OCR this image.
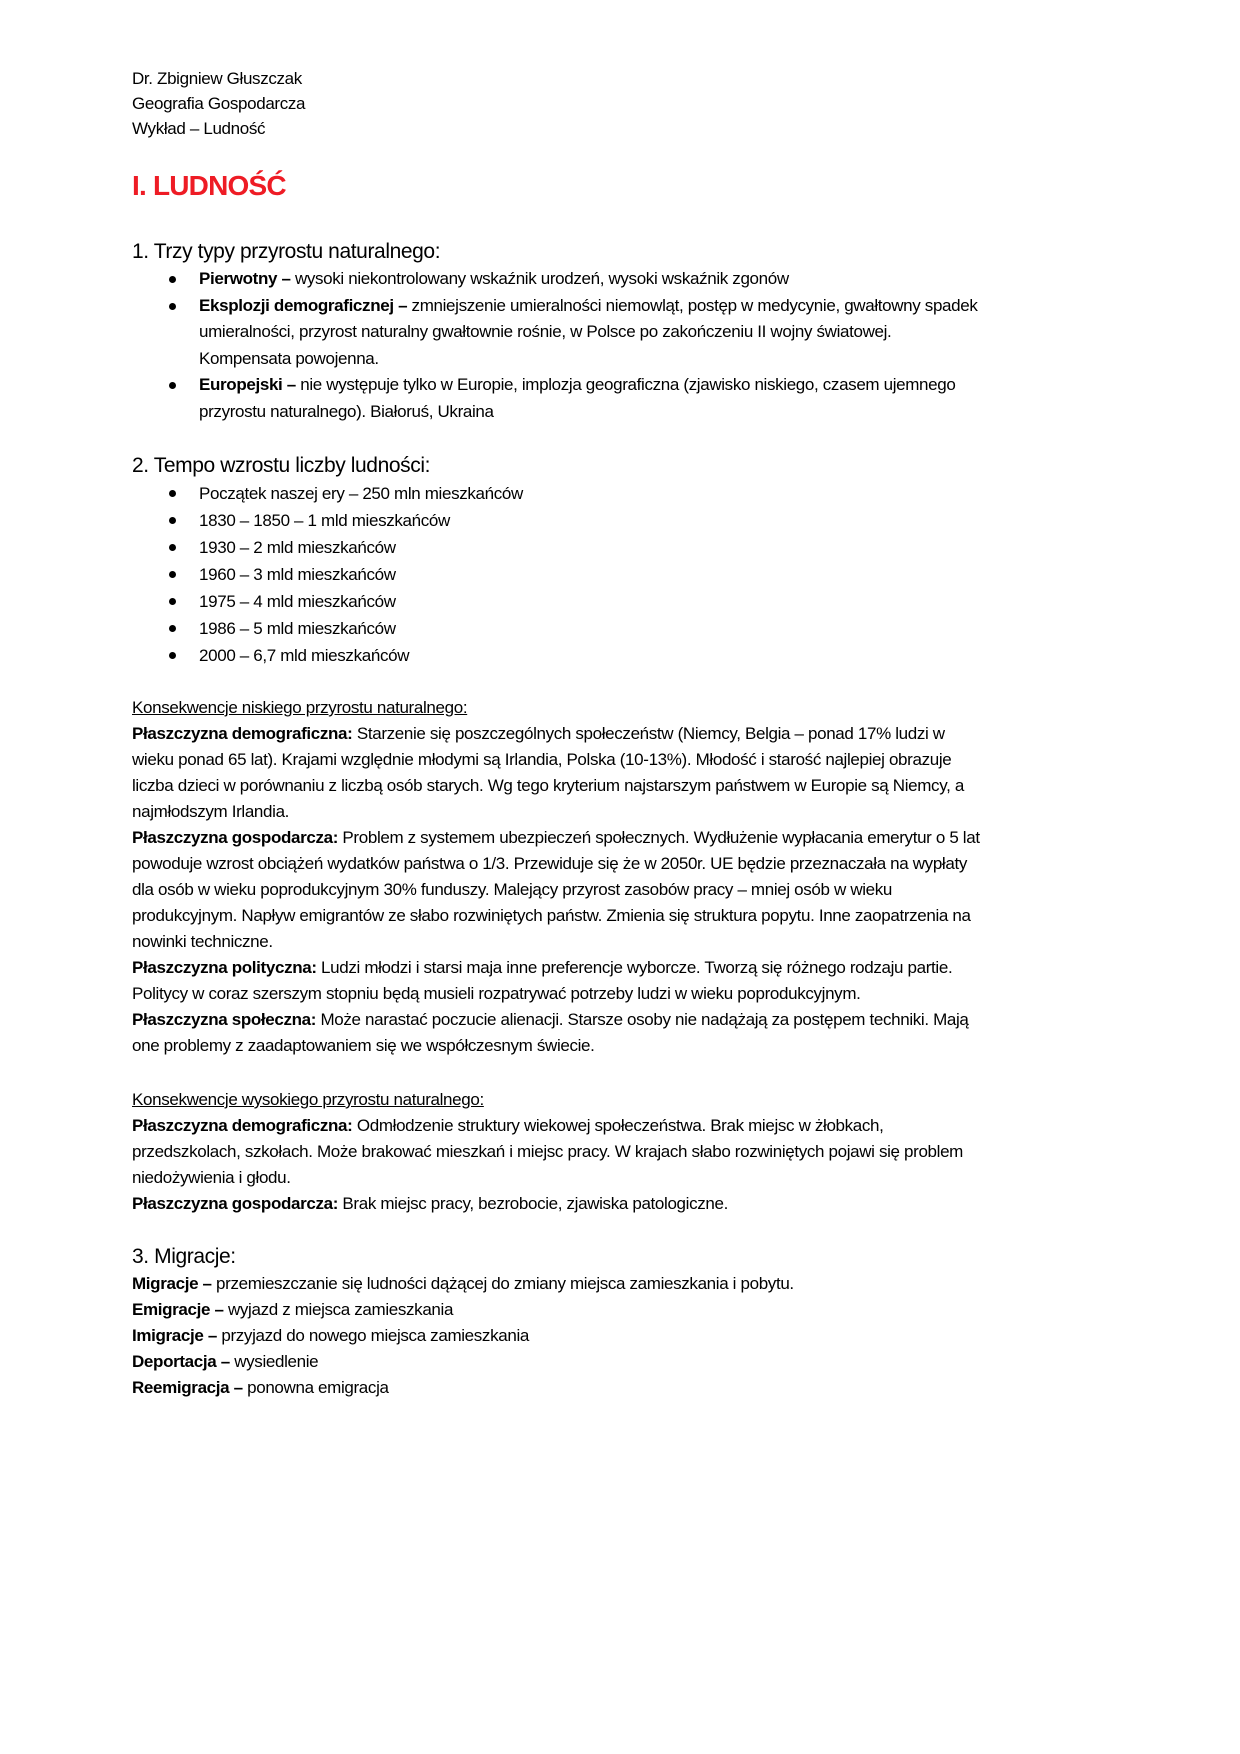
Dr. Zbigniew Głuszczak
Geografia Gospodarcza
Wykład – Ludność
I. LUDNOŚĆ
1. Trzy typy przyrostu naturalnego:
Pierwotny – wysoki niekontrolowany wskaźnik urodzeń, wysoki wskaźnik zgonów
Eksplozji demograficznej – zmniejszenie umieralności niemowląt, postęp w medycynie, gwałtowny spadek umieralności, przyrost naturalny gwałtownie rośnie, w Polsce po zakończeniu II wojny światowej. Kompensata powojenna.
Europejski – nie występuje tylko w Europie, implozja geograficzna (zjawisko niskiego, czasem ujemnego przyrostu naturalnego). Białoruś, Ukraina
2. Tempo wzrostu liczby ludności:
Początek naszej ery – 250 mln mieszkańców
1830 – 1850 – 1 mld mieszkańców
1930 – 2 mld mieszkańców
1960 – 3 mld mieszkańców
1975 – 4 mld mieszkańców
1986 – 5 mld mieszkańców
2000 – 6,7 mld mieszkańców
Konsekwencje niskiego przyrostu naturalnego:
Płaszczyzna demograficzna: Starzenie się poszczególnych społeczeństw (Niemcy, Belgia – ponad 17% ludzi w wieku ponad 65 lat). Krajami względnie młodymi są Irlandia, Polska (10-13%). Młodość i starość najlepiej obrazuje liczba dzieci w porównaniu z liczbą osób starych. Wg tego kryterium najstarszym państwem w Europie są Niemcy, a najmłodszym Irlandia.
Płaszczyzna gospodarcza: Problem z systemem ubezpieczeń społecznych. Wydłużenie wypłacania emerytur o 5 lat powoduje wzrost obciążeń wydatków państwa o 1/3. Przewiduje się że w 2050r. UE będzie przeznaczała na wypłaty dla osób w wieku poprodukcyjnym 30% funduszy. Malejący przyrost zasobów pracy – mniej osób w wieku produkcyjnym. Napływ emigrantów ze słabo rozwiniętych państw. Zmienia się struktura popytu. Inne zaopatrzenia na nowinki techniczne.
Płaszczyzna polityczna: Ludzi młodzi i starsi maja inne preferencje wyborcze. Tworzą się różnego rodzaju partie. Politycy w coraz szerszym stopniu będą musieli rozpatrywać potrzeby ludzi w wieku poprodukcyjnym.
Płaszczyzna społeczna: Może narastać poczucie alienacji. Starsze osoby nie nadążają za postępem techniki. Mają one problemy z zaadaptowaniem się we współczesnym świecie.
Konsekwencje wysokiego przyrostu naturalnego:
Płaszczyzna demograficzna: Odmłodzenie struktury wiekowej społeczeństwa. Brak miejsc w żłobkach, przedszkolach, szkołach. Może brakować mieszkań i miejsc pracy. W krajach słabo rozwiniętych pojawi się problem niedożywienia i głodu.
Płaszczyzna gospodarcza: Brak miejsc pracy, bezrobocie, zjawiska patologiczne.
3. Migracje:
Migracje – przemieszczanie się ludności dążącej do zmiany miejsca zamieszkania i pobytu.
Emigracje – wyjazd z miejsca zamieszkania
Imigracje – przyjazd do nowego miejsca zamieszkania
Deportacja – wysiedlenie
Reemigracja – ponowna emigracja
